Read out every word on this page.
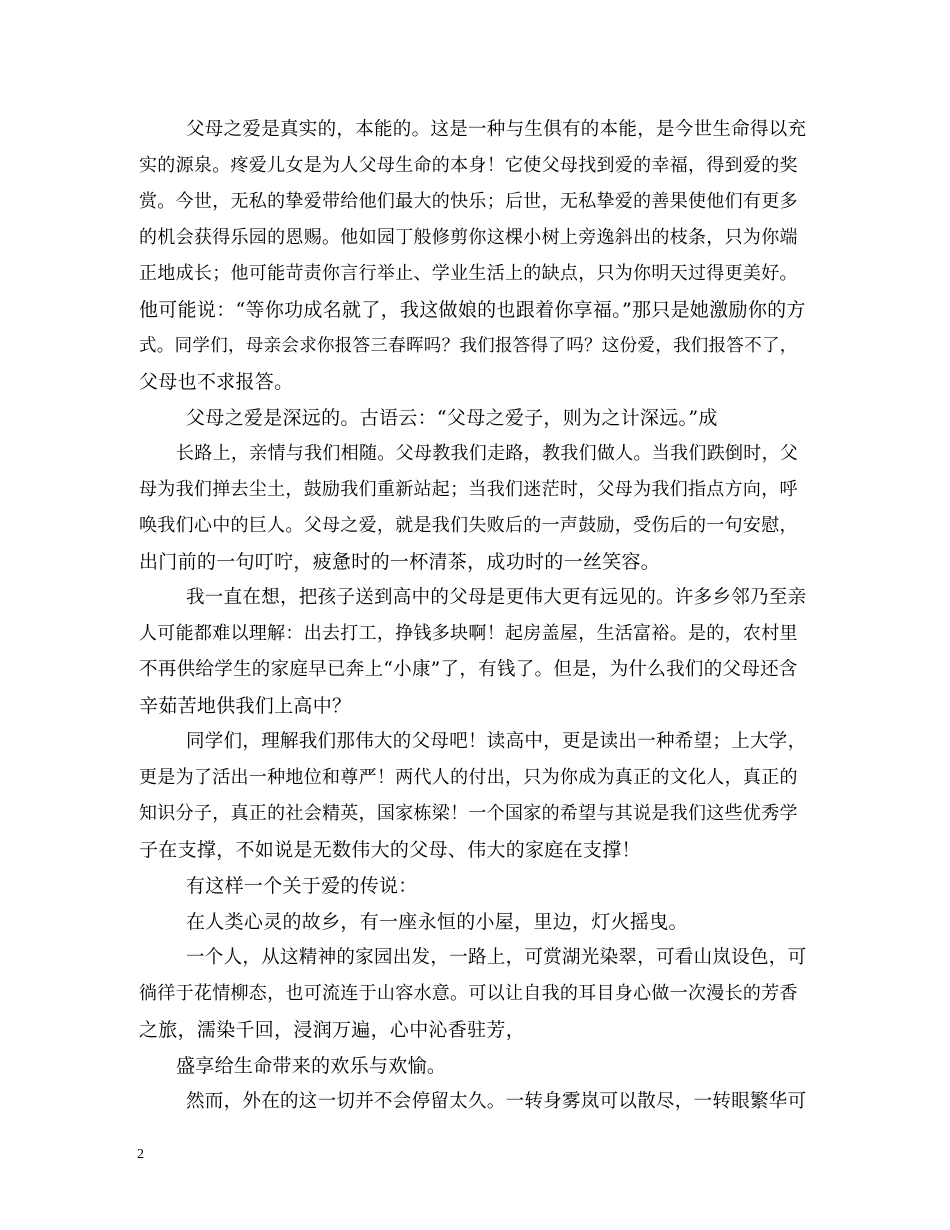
父母之爱是真实的，本能的。这是一种与生俱有的本能，是今世生命得以充
实的源泉。疼爱儿女是为人父母生命的本身！它使父母找到爱的幸福，得到爱的奖
赏。今世，无私的挚爱带给他们最大的快乐；后世，无私挚爱的善果使他们有更多
的机会获得乐园的恩赐。他如园丁般修剪你这棵小树上旁逸斜出的枝条，只为你端
正地成长；他可能苛责你言行举止、学业生活上的缺点，只为你明天过得更美好。
他可能说：“等你功成名就了，我这做娘的也跟着你享福。”那只是她激励你的方
式。同学们，母亲会求你报答三春晖吗？我们报答得了吗？这份爱，我们报答不了，
父母也不求报答。
父母之爱是深远的。古语云：“父母之爱子，则为之计深远。”成
长路上，亲情与我们相随。父母教我们走路，教我们做人。当我们跌倒时，父
母为我们掸去尘土，鼓励我们重新站起；当我们迷茫时，父母为我们指点方向，呼
唤我们心中的巨人。父母之爱，就是我们失败后的一声鼓励，受伤后的一句安慰，
出门前的一句叮咛，疲惫时的一杯清茶，成功时的一丝笑容。
我一直在想，把孩子送到高中的父母是更伟大更有远见的。许多乡邻乃至亲
人可能都难以理解：出去打工，挣钱多块啊！起房盖屋，生活富裕。是的，农村里
不再供给学生的家庭早已奔上“小康”了，有钱了。但是，为什么我们的父母还含
辛茹苦地供我们上高中？
同学们，理解我们那伟大的父母吧！读高中，更是读出一种希望；上大学，
更是为了活出一种地位和尊严！两代人的付出，只为你成为真正的文化人，真正的
知识分子，真正的社会精英，国家栋梁！一个国家的希望与其说是我们这些优秀学
子在支撑，不如说是无数伟大的父母、伟大的家庭在支撑！
有这样一个关于爱的传说：
在人类心灵的故乡，有一座永恒的小屋，里边，灯火摇曳。
一个人，从这精神的家园出发，一路上，可赏湖光染翠，可看山岚设色，可
徜徉于花情柳态，也可流连于山容水意。可以让自我的耳目身心做一次漫长的芳香
之旅，濡染千回，浸润万遍，心中沁香驻芳，
盛享给生命带来的欢乐与欢愉。
然而，外在的这一切并不会停留太久。一转身雾岚可以散尽，一转眼繁华可
2
